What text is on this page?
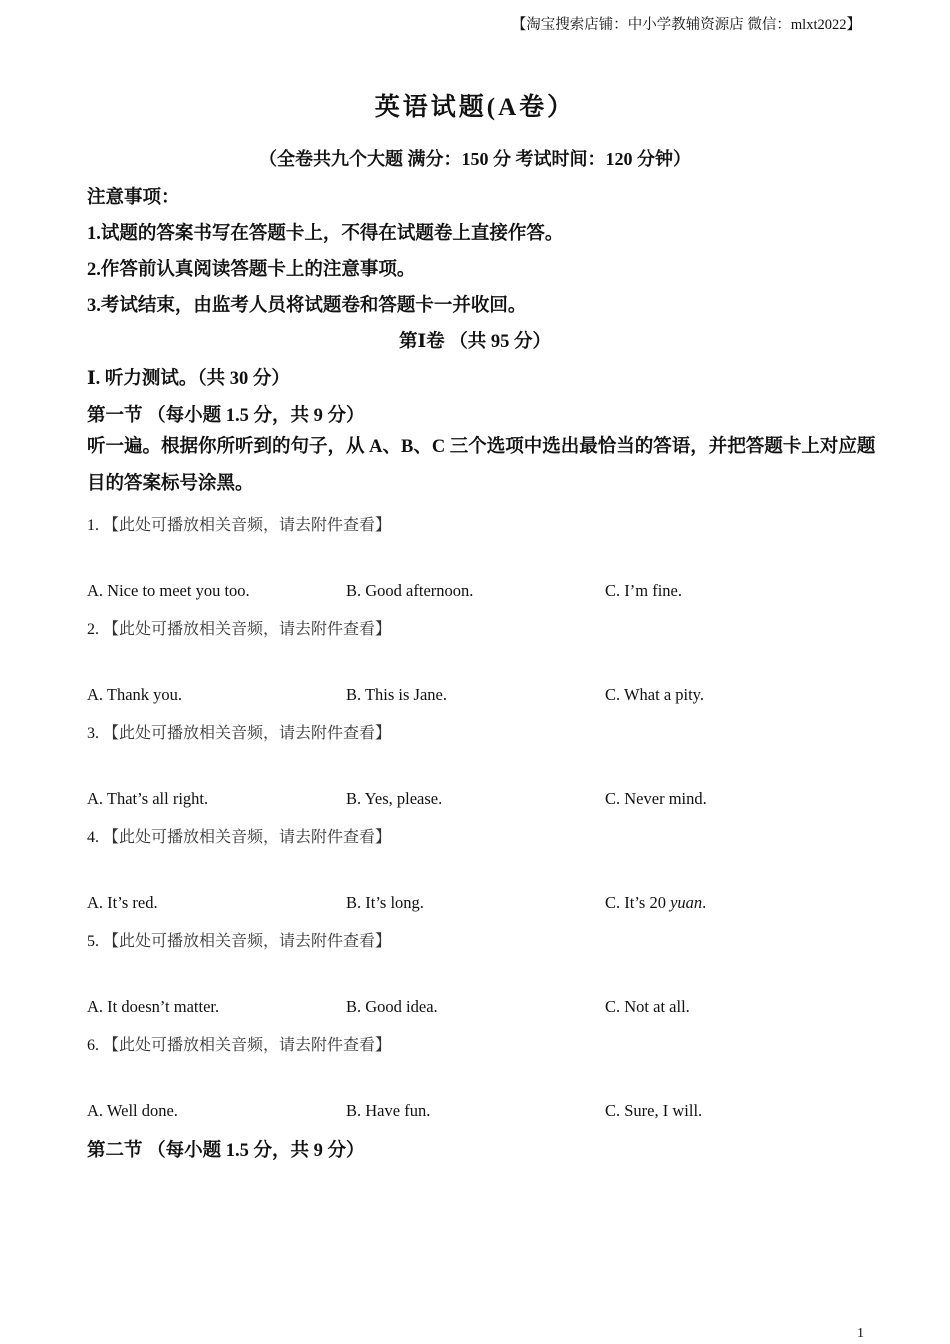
【淘宝搜索店铺：中小学教辅资源店 微信：mlxt2022】
英语试题(A卷）
（全卷共九个大题 满分：150 分 考试时间：120 分钟）
注意事项：
1.试题的答案书写在答题卡上，不得在试题卷上直接作答。
2.作答前认真阅读答题卡上的注意事项。
3.考试结束，由监考人员将试题卷和答题卡一并收回。
第Ⅰ卷 （共 95 分）
Ⅰ. 听力测试。（共 30 分）
第一节 （每小题 1.5 分，共 9 分）
听一遍。根据你所听到的句子，从 A、B、C 三个选项中选出最恰当的答语，并把答题卡上对应题目的答案标号涂黑。
1. 【此处可播放相关音频，请去附件查看】
A. Nice to meet you too.	B. Good afternoon.	C. I’m fine.
2. 【此处可播放相关音频，请去附件查看】
A. Thank you.	B. This is Jane.	C. What a pity.
3. 【此处可播放相关音频，请去附件查看】
A. That’s all right.	B. Yes, please.	C. Never mind.
4. 【此处可播放相关音频，请去附件查看】
A. It’s red.	B. It’s long.	C. It’s 20 yuan.
5. 【此处可播放相关音频，请去附件查看】
A. It doesn’t matter.	B. Good idea.	C. Not at all.
6. 【此处可播放相关音频，请去附件查看】
A. Well done.	B. Have fun.	C. Sure, I will.
第二节 （每小题 1.5 分，共 9 分）
1
